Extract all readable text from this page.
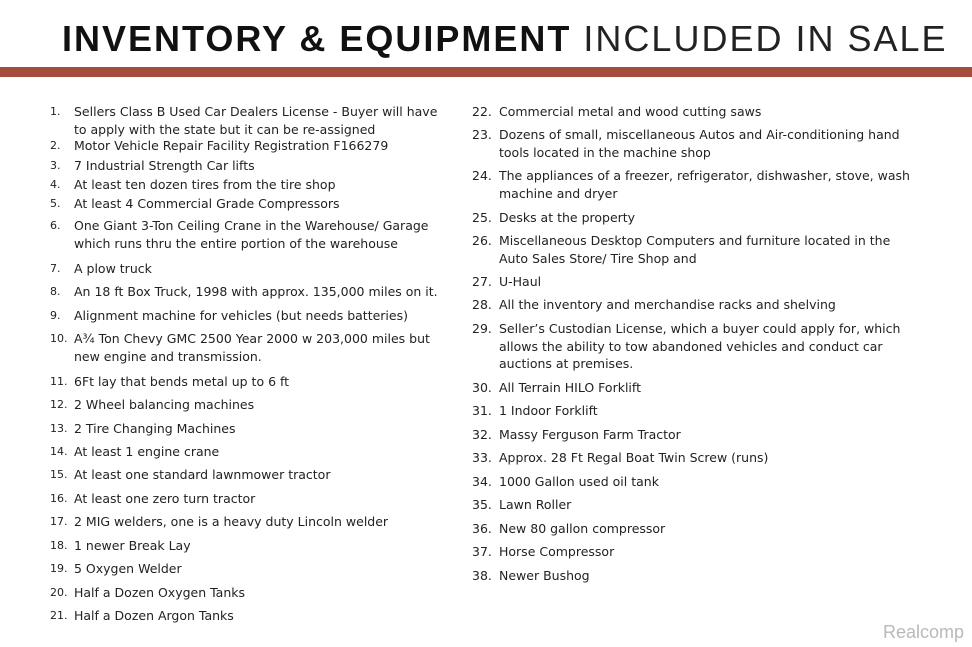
INVENTORY & EQUIPMENT INCLUDED IN SALE
1.	Sellers Class B Used Car Dealers License - Buyer will have to apply with the state but it can be re-assigned
2.	Motor Vehicle Repair Facility Registration F166279
3.	7 Industrial Strength Car lifts
4.	At least ten dozen tires from the tire shop
5.	At least 4 Commercial Grade Compressors
6.	One Giant 3-Ton Ceiling Crane in the Warehouse/ Garage which runs thru the entire portion of the warehouse
7.	A plow truck
8.	An 18 ft Box Truck, 1998 with approx. 135,000 miles on it.
9.	Alignment machine for vehicles (but needs batteries)
10. A¾ Ton Chevy GMC 2500 Year 2000 w 203,000 miles but new engine and transmission.
11. 6Ft lay that bends metal up to 6 ft
12. 2 Wheel balancing machines
13. 2 Tire Changing Machines
14. At least 1 engine crane
15. At least one standard lawnmower tractor
16. At least one zero turn tractor
17. 2 MIG welders, one is a heavy duty Lincoln welder
18. 1 newer Break Lay
19. 5 Oxygen Welder
20. Half a Dozen Oxygen Tanks
21. Half a Dozen Argon Tanks
22. Commercial metal and wood cutting saws
23. Dozens of small, miscellaneous Autos and Air-conditioning hand tools located in the machine shop
24. The appliances of a freezer, refrigerator, dishwasher, stove, wash machine and dryer
25. Desks at the property
26. Miscellaneous Desktop Computers and furniture located in the Auto Sales Store/ Tire Shop and
27. U-Haul
28. All the inventory and merchandise racks and shelving
29. Seller’s Custodian License, which a buyer could apply for, which allows the ability to tow abandoned vehicles and conduct car auctions at premises.
30. All Terrain HILO Forklift
31. 1 Indoor Forklift
32. Massy Ferguson Farm Tractor
33. Approx. 28 Ft Regal Boat Twin Screw (runs)
34. 1000 Gallon used oil tank
35. Lawn Roller
36. New 80 gallon compressor
37. Horse Compressor
38. Newer Bushog
Realcomp
